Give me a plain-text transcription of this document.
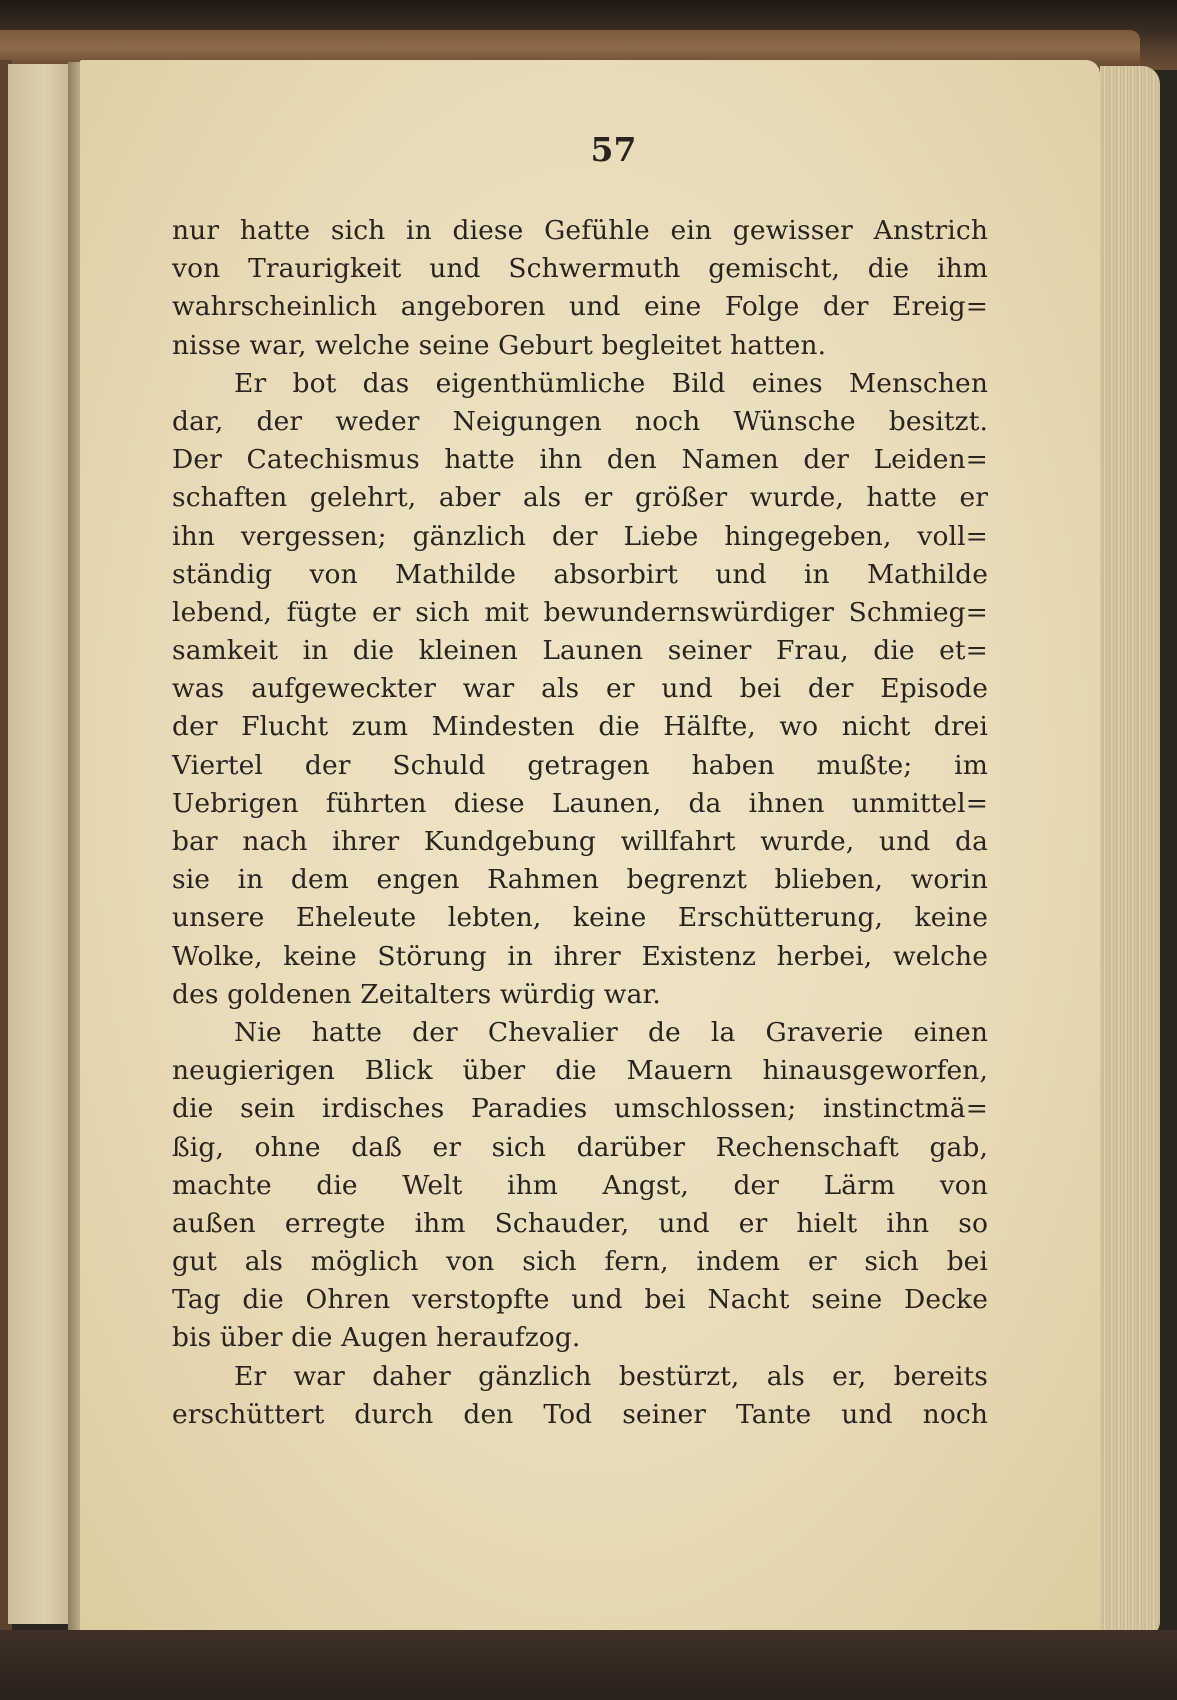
57
nur hatte sich in diese Gefühle ein gewisser Anstrich
von Traurigkeit und Schwermuth gemischt, die ihm
wahrscheinlich angeboren und eine Folge der Ereig=
nisse war, welche seine Geburt begleitet hatten.
Er bot das eigenthümliche Bild eines Menschen
dar, der weder Neigungen noch Wünsche besitzt.
Der Catechismus hatte ihn den Namen der Leiden=
schaften gelehrt, aber als er größer wurde, hatte er
ihn vergessen; gänzlich der Liebe hingegeben, voll=
ständig von Mathilde absorbirt und in Mathilde
lebend, fügte er sich mit bewundernswürdiger Schmieg=
samkeit in die kleinen Launen seiner Frau, die et=
was aufgeweckter war als er und bei der Episode
der Flucht zum Mindesten die Hälfte, wo nicht drei
Viertel der Schuld getragen haben mußte; im
Uebrigen führten diese Launen, da ihnen unmittel=
bar nach ihrer Kundgebung willfahrt wurde, und da
sie in dem engen Rahmen begrenzt blieben, worin
unsere Eheleute lebten, keine Erschütterung, keine
Wolke, keine Störung in ihrer Existenz herbei, welche
des goldenen Zeitalters würdig war.
Nie hatte der Chevalier de la Graverie einen
neugierigen Blick über die Mauern hinausgeworfen,
die sein irdisches Paradies umschlossen; instinctmä=
ßig, ohne daß er sich darüber Rechenschaft gab,
machte die Welt ihm Angst, der Lärm von
außen erregte ihm Schauder, und er hielt ihn so
gut als möglich von sich fern, indem er sich bei
Tag die Ohren verstopfte und bei Nacht seine Decke
bis über die Augen heraufzog.
Er war daher gänzlich bestürzt, als er, bereits
erschüttert durch den Tod seiner Tante und noch
